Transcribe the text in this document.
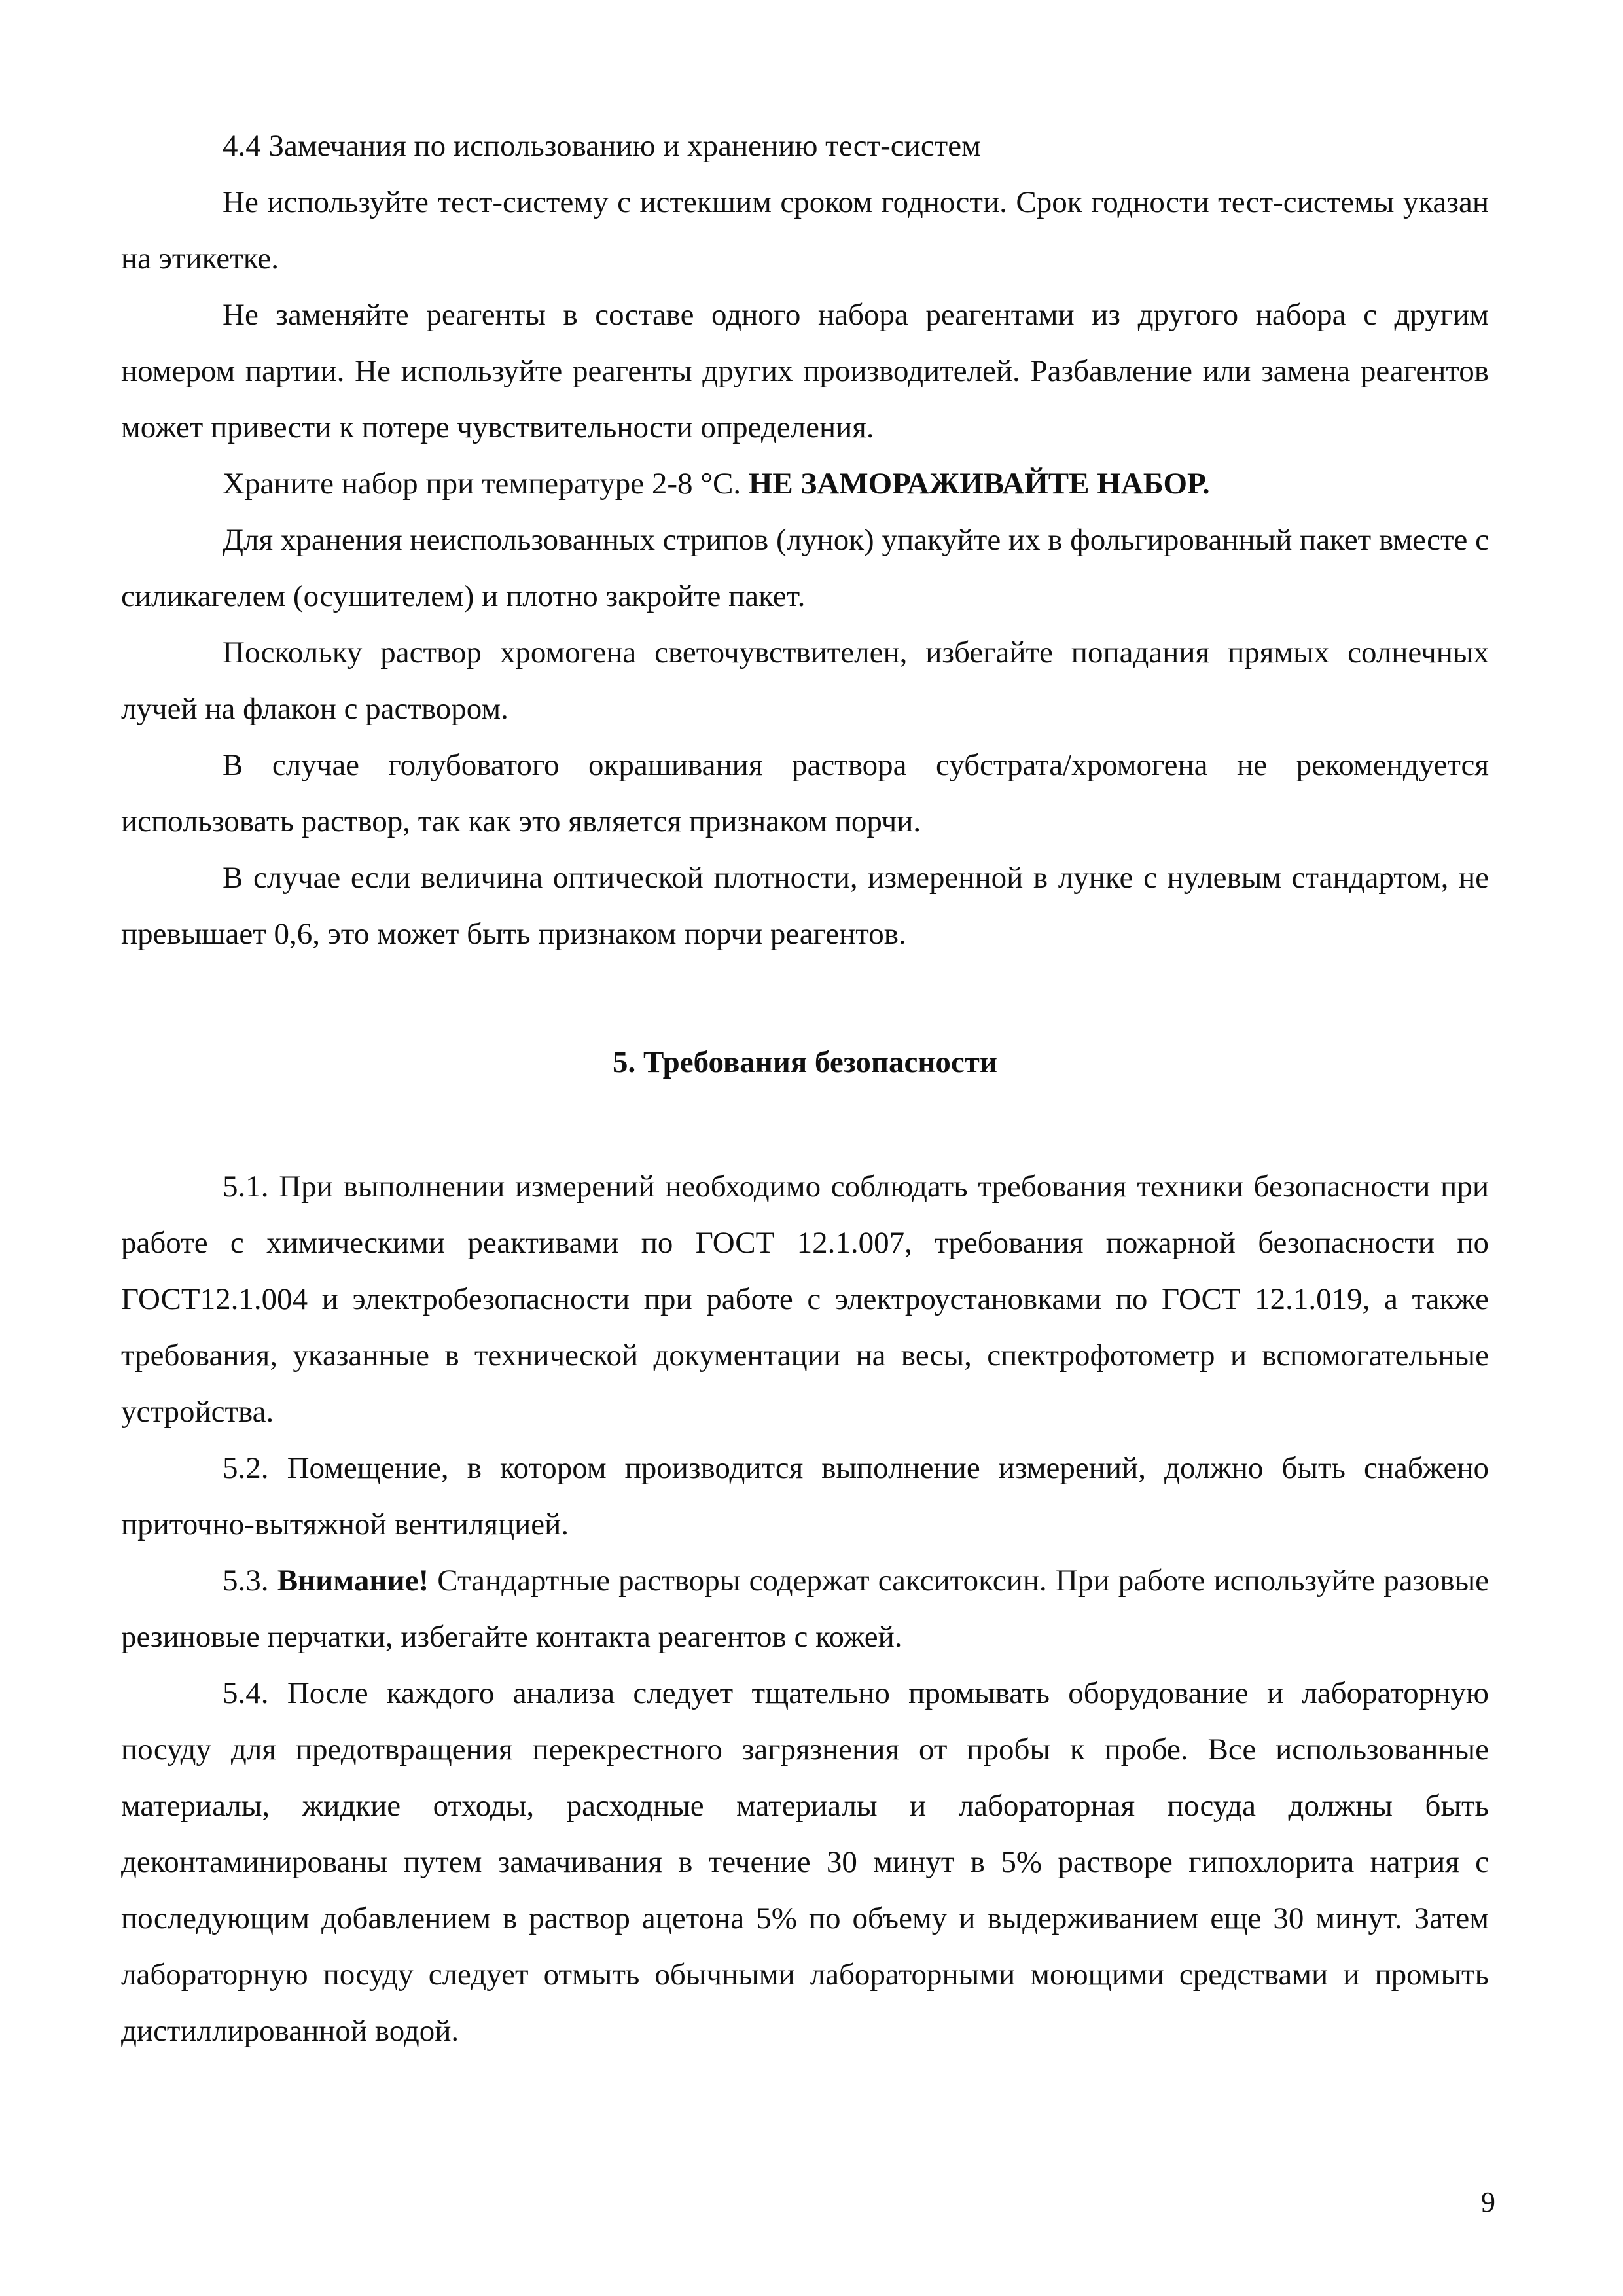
4.4 Замечания по использованию и хранению тест-систем

Не используйте тест-систему с истекшим сроком годности. Срок годности тест-системы указан на этикетке.

Не заменяйте реагенты в составе одного набора реагентами из другого набора с другим номером партии. Не используйте реагенты других производителей. Разбавление или замена реагентов может привести к потере чувствительности определения.

Храните набор при температуре 2-8 °С. НЕ ЗАМОРАЖИВАЙТЕ НАБОР.

Для хранения неиспользованных стрипов (лунок) упакуйте их в фольгированный пакет вместе с силикагелем (осушителем) и плотно закройте пакет.

Поскольку раствор хромогена светочувствителен, избегайте попадания прямых солнечных лучей на флакон с раствором.

В случае голубоватого окрашивания раствора субстрата/хромогена не рекомендуется использовать раствор, так как это является признаком порчи.

В случае если величина оптической плотности, измеренной в лунке с нулевым стандартом, не превышает 0,6, это может быть признаком порчи реагентов.

5. Требования безопасности

5.1. При выполнении измерений необходимо соблюдать требования техники безопасности при работе с химическими реактивами по ГОСТ 12.1.007, требования пожарной безопасности по ГОСТ12.1.004 и электробезопасности при работе с электроустановками по ГОСТ 12.1.019, а также требования, указанные в технической документации на весы, спектрофотометр и вспомогательные устройства.

5.2. Помещение, в котором производится выполнение измерений, должно быть снабжено приточно-вытяжной вентиляцией.

5.3. Внимание! Стандартные растворы содержат сакситоксин. При работе используйте разовые резиновые перчатки, избегайте контакта реагентов с кожей.

5.4. После каждого анализа следует тщательно промывать оборудование и лабораторную посуду для предотвращения перекрестного загрязнения от пробы к пробе. Все использованные материалы, жидкие отходы, расходные материалы и лабораторная посуда должны быть деконтаминированы путем замачивания в течение 30 минут в 5% растворе гипохлорита натрия с последующим добавлением в раствор ацетона 5% по объему и выдерживанием еще 30 минут. Затем лабораторную посуду следует отмыть обычными лабораторными моющими средствами и промыть дистиллированной водой.

9
